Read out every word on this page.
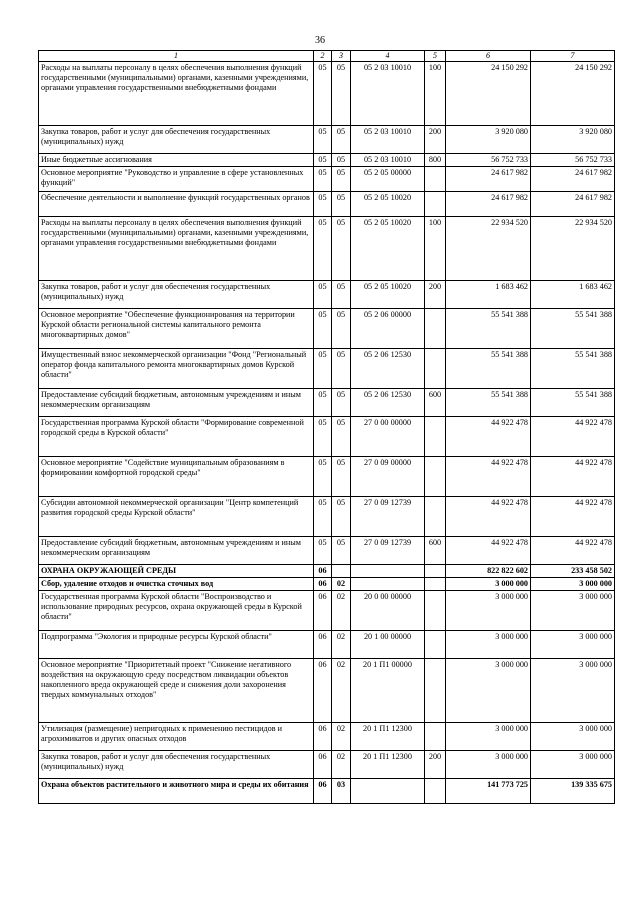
36
1	2	3	4	5	6	7
Расходы на выплаты персоналу в целях обеспечения выполнения функций государственными (муниципальными) органами, казенными учреждениями, органами управления государственными внебюджетными фондами	05	05	05 2 03 10010	100	24 150 292	24 150 292
Закупка товаров, работ и услуг для обеспечения государственных (муниципальных) нужд	05	05	05 2 03 10010	200	3 920 080	3 920 080
Иные бюджетные ассигнования	05	05	05 2 03 10010	800	56 752 733	56 752 733
Основное мероприятие "Руководство и управление в сфере установленных функций"	05	05	05 2 05 00000		24 617 982	24 617 982
Обеспечение деятельности и выполнение функций государственных органов	05	05	05 2 05 10020		24 617 982	24 617 982
Расходы на выплаты персоналу в целях обеспечения выполнения функций государственными (муниципальными) органами, казенными учреждениями, органами управления государственными внебюджетными фондами	05	05	05 2 05 10020	100	22 934 520	22 934 520
Закупка товаров, работ и услуг для обеспечения государственных (муниципальных) нужд	05	05	05 2 05 10020	200	1 683 462	1 683 462
Основное мероприятие "Обеспечение функционирования на территории Курской области региональной системы капитального ремонта многоквартирных домов"	05	05	05 2 06 00000		55 541 388	55 541 388
Имущественный взнос некоммерческой организации "Фонд "Региональный оператор фонда капитального ремонта многоквартирных домов Курской области"	05	05	05 2 06 12530		55 541 388	55 541 388
Предоставление субсидий бюджетным, автономным учреждениям и иным некоммерческим организациям	05	05	05 2 06 12530	600	55 541 388	55 541 388
Государственная программа Курской области "Формирование современной городской среды в Курской области"	05	05	27 0 00 00000		44 922 478	44 922 478
Основное мероприятие "Содействие муниципальным образованиям в формировании комфортной городской среды"	05	05	27 0 09 00000		44 922 478	44 922 478
Субсидии автономной некоммерческой организации "Центр компетенций развития городской среды Курской области"	05	05	27 0 09 12739		44 922 478	44 922 478
Предоставление субсидий бюджетным, автономным учреждениям и иным некоммерческим организациям	05	05	27 0 09 12739	600	44 922 478	44 922 478
ОХРАНА ОКРУЖАЮЩЕЙ СРЕДЫ	06				822 822 602	233 458 502
Сбор, удаление отходов и очистка сточных вод	06	02			3 000 000	3 000 000
Государственная программа Курской области "Воспроизводство и использование природных ресурсов, охрана окружающей среды в Курской области"	06	02	20 0 00 00000		3 000 000	3 000 000
Подпрограмма "Экология и природные ресурсы Курской области"	06	02	20 1 00 00000		3 000 000	3 000 000
Основное мероприятие "Приоритетный проект "Снижение негативного воздействия на окружающую среду посредством ликвидации объектов накопленного вреда окружающей среде и снижения доли захоронения твердых коммунальных отходов"	06	02	20 1 П1 00000		3 000 000	3 000 000
Утилизация (размещение) непригодных к применению пестицидов и агрохимикатов и других опасных отходов	06	02	20 1 П1 12300		3 000 000	3 000 000
Закупка товаров, работ и услуг для обеспечения государственных (муниципальных) нужд	06	02	20 1 П1 12300	200	3 000 000	3 000 000
Охрана объектов растительного и животного мира и среды их обитания	06	03			141 773 725	139 335 675
